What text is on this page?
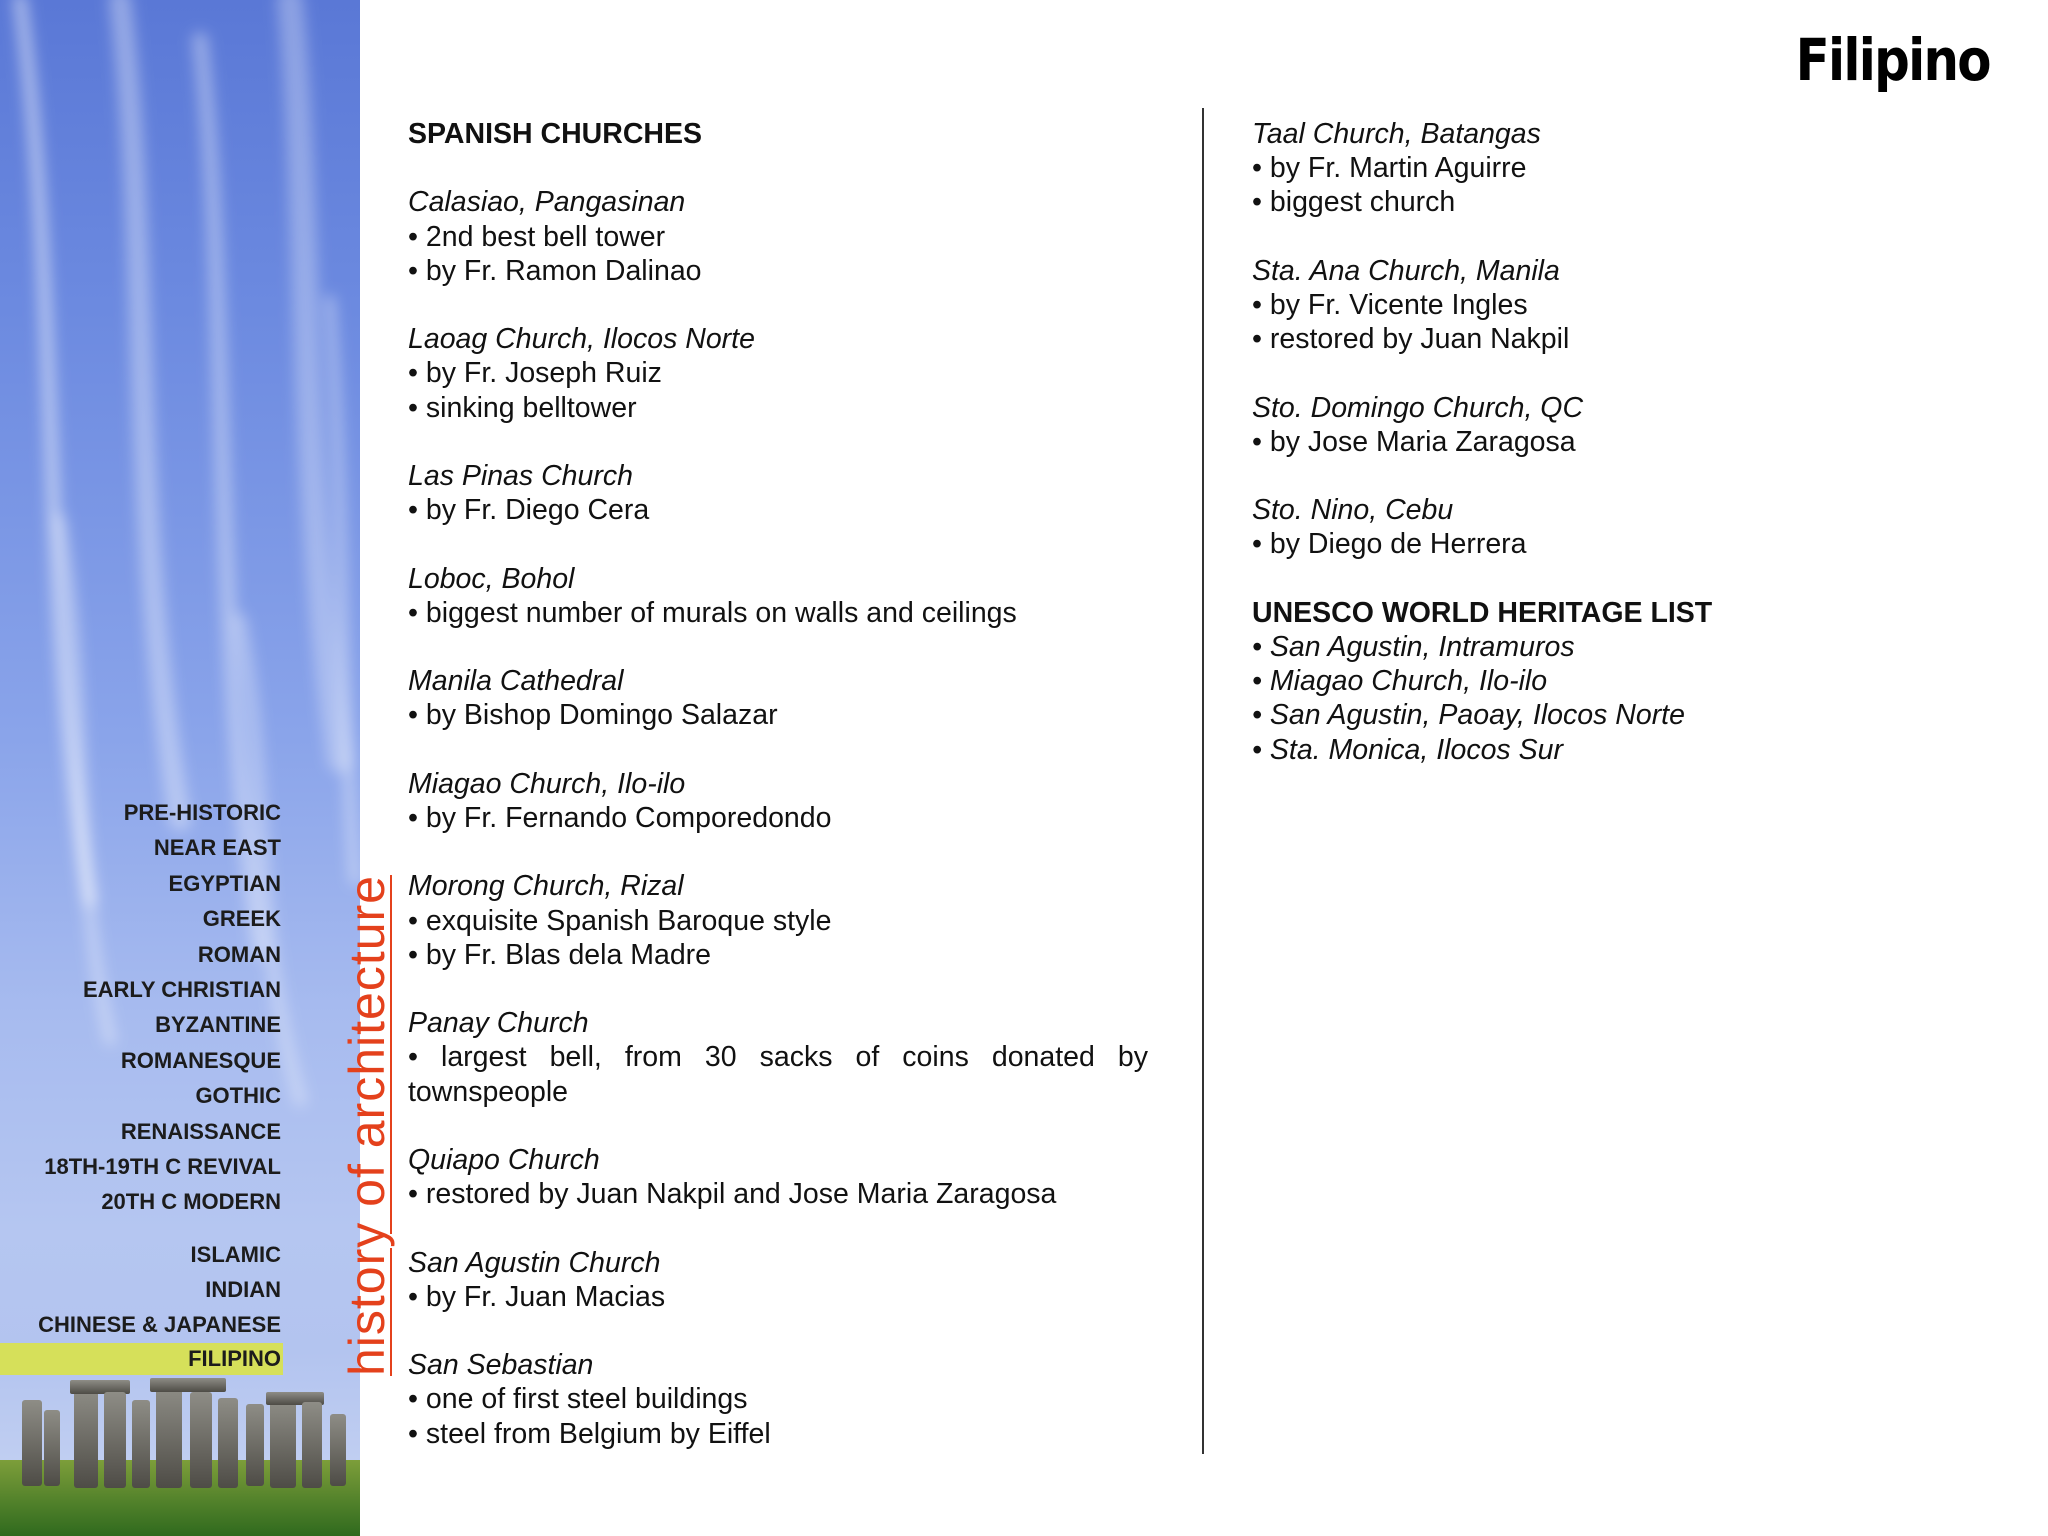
PRE-HISTORIC
NEAR EAST
EGYPTIAN
GREEK
ROMAN
EARLY CHRISTIAN
BYZANTINE
ROMANESQUE
GOTHIC
RENAISSANCE
18TH-19TH C REVIVAL
20TH C MODERN
ISLAMIC
INDIAN
CHINESE & JAPANESE
FILIPINO history of architecture
Filipino
SPANISH CHURCHES
Calasiao, Pangasinan
• 2nd best bell tower
• by Fr. Ramon Dalinao
Laoag Church, Ilocos Norte
• by Fr. Joseph Ruiz
• sinking belltower
Las Pinas Church
• by Fr. Diego Cera
Loboc, Bohol
• biggest number of murals on walls and ceilings
Manila Cathedral
• by Bishop Domingo Salazar
Miagao Church, Ilo-ilo
• by Fr. Fernando Comporedondo
Morong Church, Rizal
• exquisite Spanish Baroque style
• by Fr. Blas dela Madre
Panay Church
• largest bell, from 30 sacks of coins donated by
townspeople
Quiapo Church
• restored by Juan Nakpil and Jose Maria Zaragosa
San Agustin Church
• by Fr. Juan Macias
San Sebastian
• one of first steel buildings
• steel from Belgium by Eiffel
Taal Church, Batangas
• by Fr. Martin Aguirre
• biggest church
Sta. Ana Church, Manila
• by Fr. Vicente Ingles
• restored by Juan Nakpil
Sto. Domingo Church, QC
• by Jose Maria Zaragosa
Sto. Nino, Cebu
• by Diego de Herrera
UNESCO WORLD HERITAGE LIST
• San Agustin, Intramuros
• Miagao Church, Ilo-ilo
• San Agustin, Paoay, Ilocos Norte
• Sta. Monica, Ilocos Sur
